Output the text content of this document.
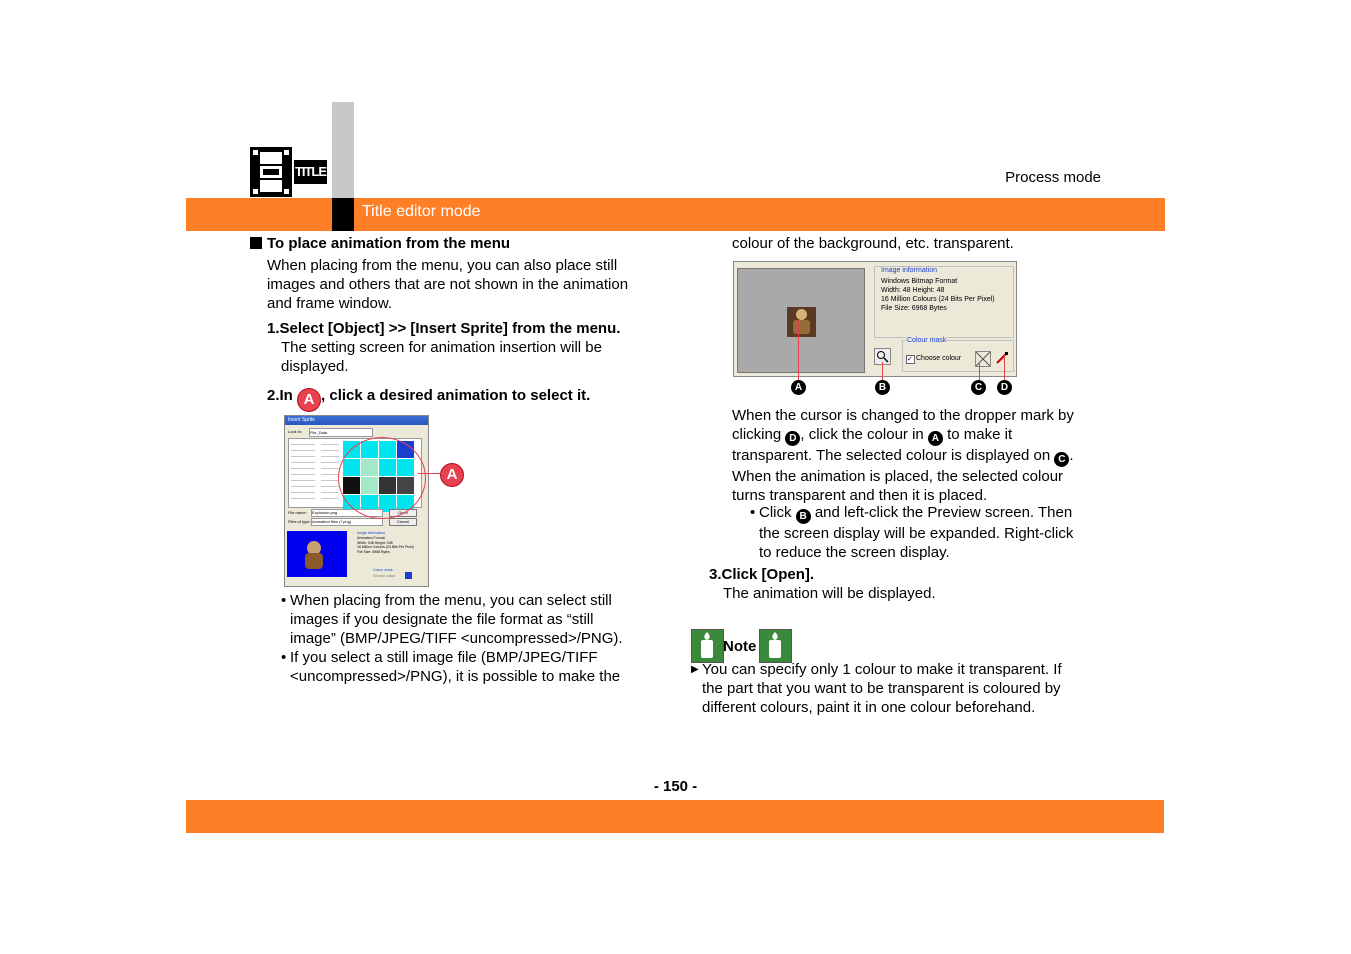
TITLE	Process mode
Title editor mode
To place animation from the menu
When placing from the menu, you can also place still
images and others that are not shown in the animation
and frame window.
1.Select [Object] >> [Insert Sprite] from the menu.
The setting screen for animation insertion will be
displayed.
2.In A , click a desired animation to select it.
Insert Sprite
Look in: File_Data
File name: Explosion.png	Open
Files of type: Animation files (*.png)	Cancel
Image information
Animation Format
Width: 048 Height: 048
16 Million Colours (24 Bits Per Pixel)
File Size: 6968 Bytes
Colour mask
Choose colour
A
• When placing from the menu, you can select still
images if you designate the file format as “still
image” (BMP/JPEG/TIFF <uncompressed>/PNG).
• If you select a still image file (BMP/JPEG/TIFF
<uncompressed>/PNG), it is possible to make the
colour of the background, etc. transparent.
Image information
Windows Bitmap Format
Width: 48 Height: 48
16 Million Colours (24 Bits Per Pixel)
File Size: 6968 Bytes
Colour mask
✓ Choose colour
A	B	C	D
When the cursor is changed to the dropper mark by
clicking D , click the colour in A to make it
transparent. The selected colour is displayed on C .
When the animation is placed, the selected colour
turns transparent and then it is placed.
• Click B and left-click the Preview screen. Then
the screen display will be expanded. Right-click
to reduce the screen display.
3.Click [Open].
The animation will be displayed.
Note
▶ You can specify only 1 colour to make it transparent. If
the part that you want to be transparent is coloured by
different colours, paint it in one colour beforehand.
- 150 -
